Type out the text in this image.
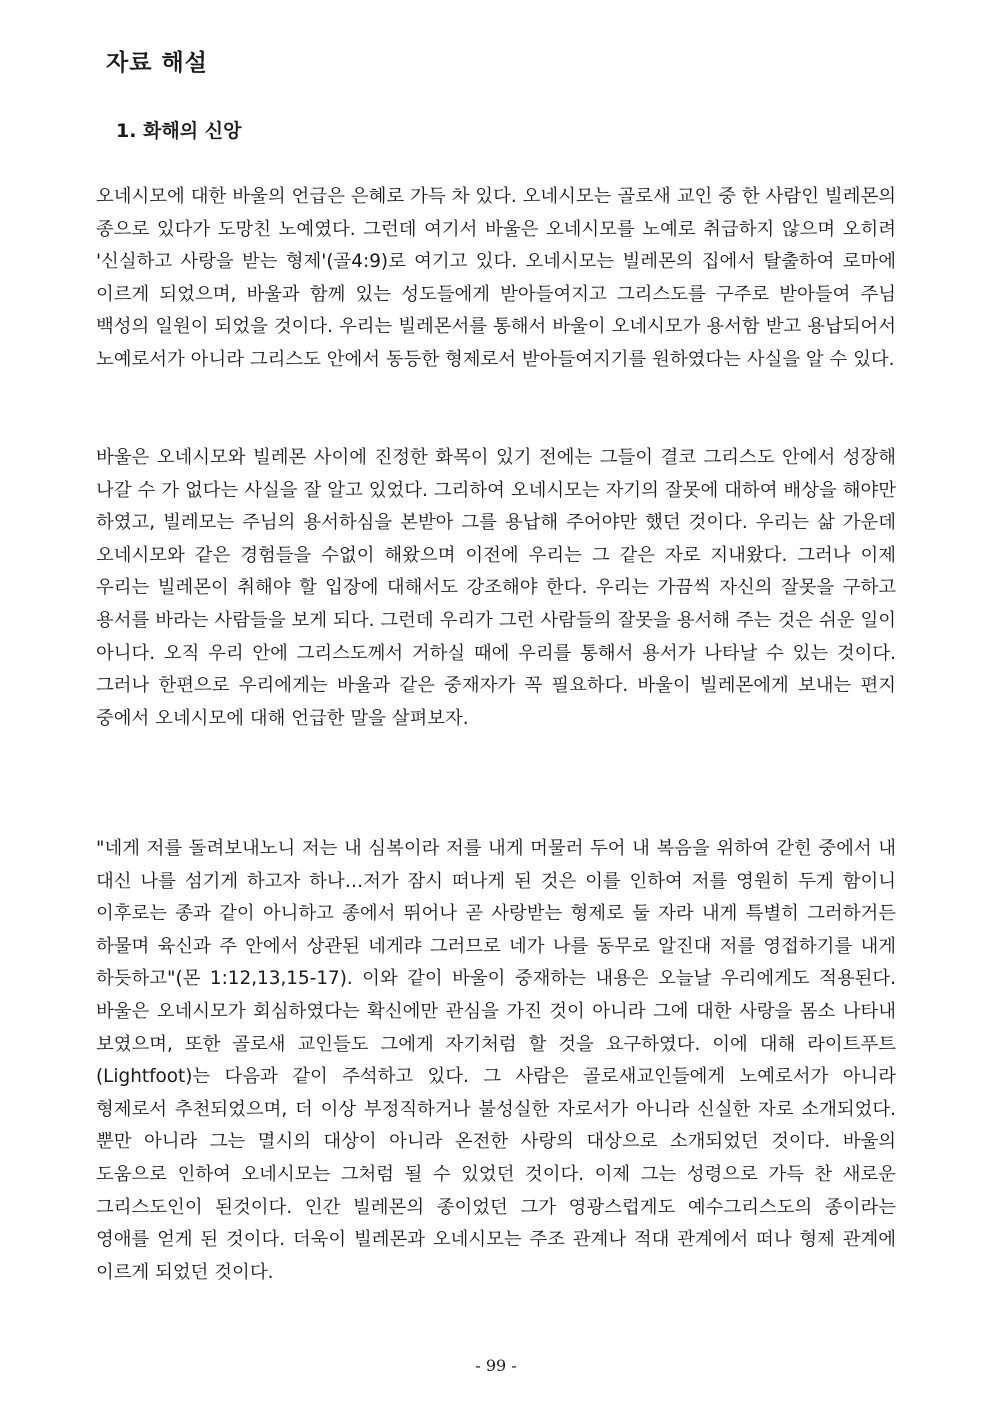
자료 해설
1. 화해의 신앙

오네시모에 대한 바울의 언급은 은혜로 가득 차 있다. 오네시모는 골로새 교인 중 한 사람인 빌레몬의 종으로 있다가 도망친 노예였다. 그런데 여기서 바울은 오네시모를 노예로 취급하지 않으며 오히려 '신실하고 사랑을 받는 형제'(골4:9)로 여기고 있다. 오네시모는 빌레몬의 집에서 탈출하여 로마에 이르게 되었으며, 바울과 함께 있는 성도들에게 받아들여지고 그리스도를 구주로 받아들여 주님 백성의 일원이 되었을 것이다. 우리는 빌레몬서를 통해서 바울이 오네시모가 용서함 받고 용납되어서 노예로서가 아니라 그리스도 안에서 동등한 형제로서 받아들여지기를 원하였다는 사실을 알 수 있다.

바울은 오네시모와 빌레몬 사이에 진정한 화목이 있기 전에는 그들이 결코 그리스도 안에서 성장해 나갈 수 가 없다는 사실을 잘 알고 있었다. 그리하여 오네시모는 자기의 잘못에 대하여 배상을 해야만 하였고, 빌레모는 주님의 용서하심을 본받아 그를 용납해 주어야만 했던 것이다. 우리는 삶 가운데 오네시모와 같은 경험들을 수없이 해왔으며 이전에 우리는 그 같은 자로 지내왔다. 그러나 이제 우리는 빌레몬이 취해야 할 입장에 대해서도 강조해야 한다. 우리는 가끔씩 자신의 잘못을 구하고 용서를 바라는 사람들을 보게 되다. 그런데 우리가 그런 사람들의 잘못을 용서해 주는 것은 쉬운 일이 아니다. 오직 우리 안에 그리스도께서 거하실 때에 우리를 통해서 용서가 나타날 수 있는 것이다. 그러나 한편으로 우리에게는 바울과 같은 중재자가 꼭 필요하다. 바울이 빌레몬에게 보내는 편지 중에서 오네시모에 대해 언급한 말을 살펴보자.

"네게 저를 돌려보내노니 저는 내 심복이라 저를 내게 머물러 두어 내 복음을 위하여 갇힌 중에서 내 대신 나를 섬기게 하고자 하나…저가 잠시 떠나게 된 것은 이를 인하여 저를 영원히 두게 함이니 이후로는 종과 같이 아니하고 종에서 뛰어나 곧 사랑받는 형제로 둘 자라 내게 특별히 그러하거든 하물며 육신과 주 안에서 상관된 네게랴 그러므로 네가 나를 동무로 알진대 저를 영접하기를 내게 하듯하고"(몬 1:12,13,15-17). 이와 같이 바울이 중재하는 내용은 오늘날 우리에게도 적용된다. 바울은 오네시모가 회심하였다는 확신에만 관심을 가진 것이 아니라 그에 대한 사랑을 몸소 나타내 보였으며, 또한 골로새 교인들도 그에게 자기처럼 할 것을 요구하였다. 이에 대해 라이트푸트(Lightfoot)는 다음과 같이 주석하고 있다. 그 사람은 골로새교인들에게 노예로서가 아니라 형제로서 추천되었으며, 더 이상 부정직하거나 불성실한 자로서가 아니라 신실한 자로 소개되었다. 뿐만 아니라 그는 멸시의 대상이 아니라 온전한 사랑의 대상으로 소개되었던 것이다. 바울의 도움으로 인하여 오네시모는 그처럼 될 수 있었던 것이다. 이제 그는 성령으로 가득 찬 새로운 그리스도인이 된것이다. 인간 빌레몬의 종이었던 그가 영광스럽게도 예수그리스도의 종이라는 영애를 얻게 된 것이다. 더욱이 빌레몬과 오네시모는 주조 관계나 적대 관계에서 떠나 형제 관계에 이르게 되었던 것이다.

- 99 -
